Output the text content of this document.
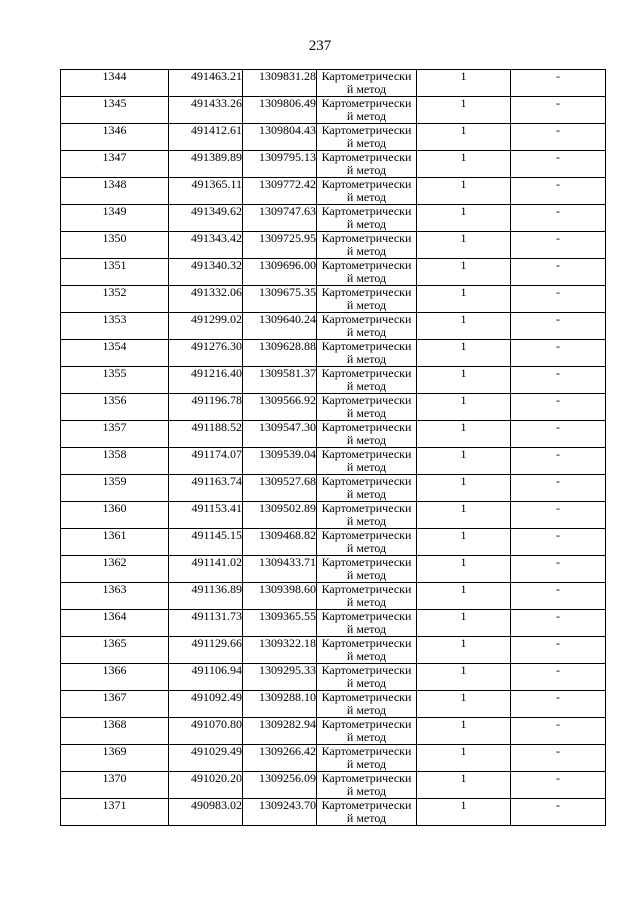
237
1344	491463.21	1309831.28	Картометрически й метод	1	-
1345	491433.26	1309806.49	Картометрически й метод	1	-
1346	491412.61	1309804.43	Картометрически й метод	1	-
1347	491389.89	1309795.13	Картометрически й метод	1	-
1348	491365.11	1309772.42	Картометрически й метод	1	-
1349	491349.62	1309747.63	Картометрически й метод	1	-
1350	491343.42	1309725.95	Картометрически й метод	1	-
1351	491340.32	1309696.00	Картометрически й метод	1	-
1352	491332.06	1309675.35	Картометрически й метод	1	-
1353	491299.02	1309640.24	Картометрически й метод	1	-
1354	491276.30	1309628.88	Картометрически й метод	1	-
1355	491216.40	1309581.37	Картометрически й метод	1	-
1356	491196.78	1309566.92	Картометрически й метод	1	-
1357	491188.52	1309547.30	Картометрически й метод	1	-
1358	491174.07	1309539.04	Картометрически й метод	1	-
1359	491163.74	1309527.68	Картометрически й метод	1	-
1360	491153.41	1309502.89	Картометрически й метод	1	-
1361	491145.15	1309468.82	Картометрически й метод	1	-
1362	491141.02	1309433.71	Картометрически й метод	1	-
1363	491136.89	1309398.60	Картометрически й метод	1	-
1364	491131.73	1309365.55	Картометрически й метод	1	-
1365	491129.66	1309322.18	Картометрически й метод	1	-
1366	491106.94	1309295.33	Картометрически й метод	1	-
1367	491092.49	1309288.10	Картометрически й метод	1	-
1368	491070.80	1309282.94	Картометрически й метод	1	-
1369	491029.49	1309266.42	Картометрически й метод	1	-
1370	491020.20	1309256.09	Картометрически й метод	1	-
1371	490983.02	1309243.70	Картометрически й метод	1	-
